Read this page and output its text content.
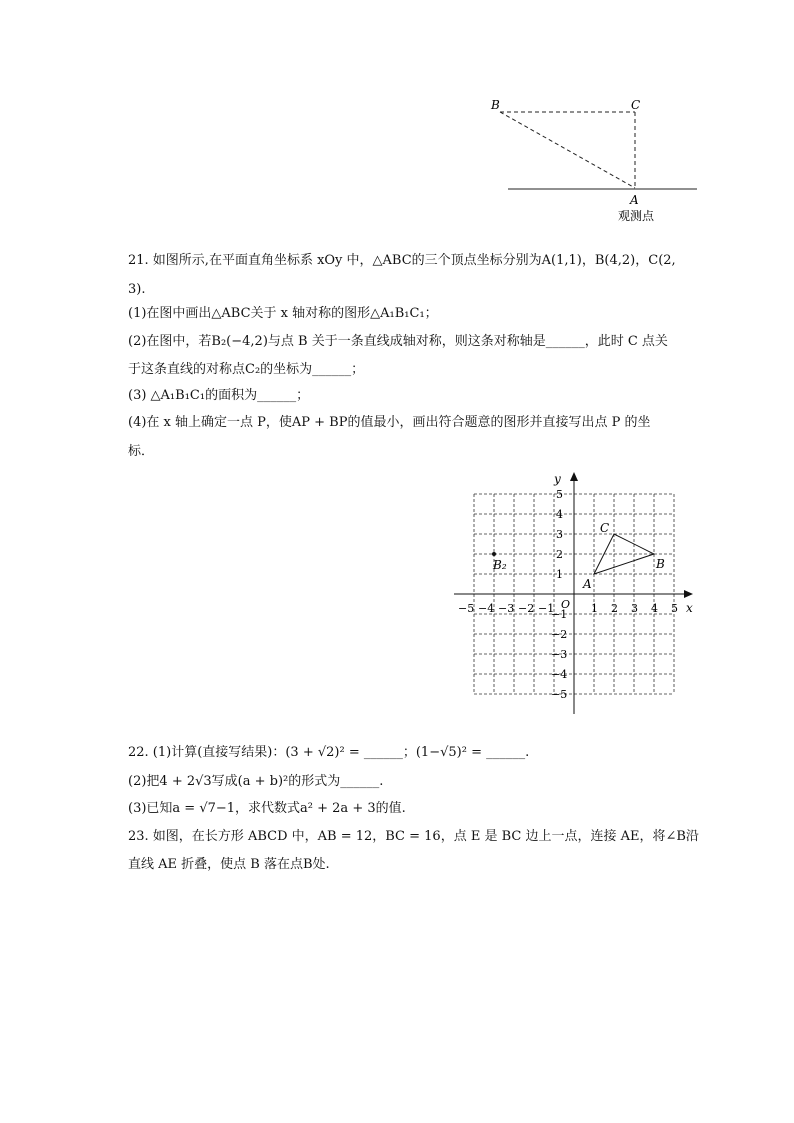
B	C
A
观测点
21. 如图所示,在平面直角坐标系 xOy 中，△ABC的三个顶点坐标分别为A(1,1)，B(4,2)，C(2,
3).
(1)在图中画出△ABC关于 x 轴对称的图形△A₁B₁C₁；
(2)在图中，若B₂(−4,2)与点 B 关于一条直线成轴对称，则这条对称轴是______，此时 C 点关
于这条直线的对称点C₂的坐标为______；
(3) △A₁B₁C₁的面积为______；
(4)在 x 轴上确定一点 P，使AP + BP的值最小，画出符合题意的图形并直接写出点 P 的坐
标．
x
y
O
−5 −4 −3 −2 −1	1 2 3 4 5
5
4
3
2
1
−1
−2
−3
−4
−5
A
B
C
B₂
22. (1)计算(直接写结果)：(3 + √2)² = ______；(1−√5)² = ______.
(2)把4 + 2√3写成(a + b)²的形式为______.
(3)已知a = √7−1，求代数式a² + 2a + 3的值.
23. 如图，在长方形 ABCD 中，AB = 12，BC = 16，点 E 是 BC 边上一点，连接 AE，将∠B沿
直线 AE 折叠，使点 B 落在点B处.
